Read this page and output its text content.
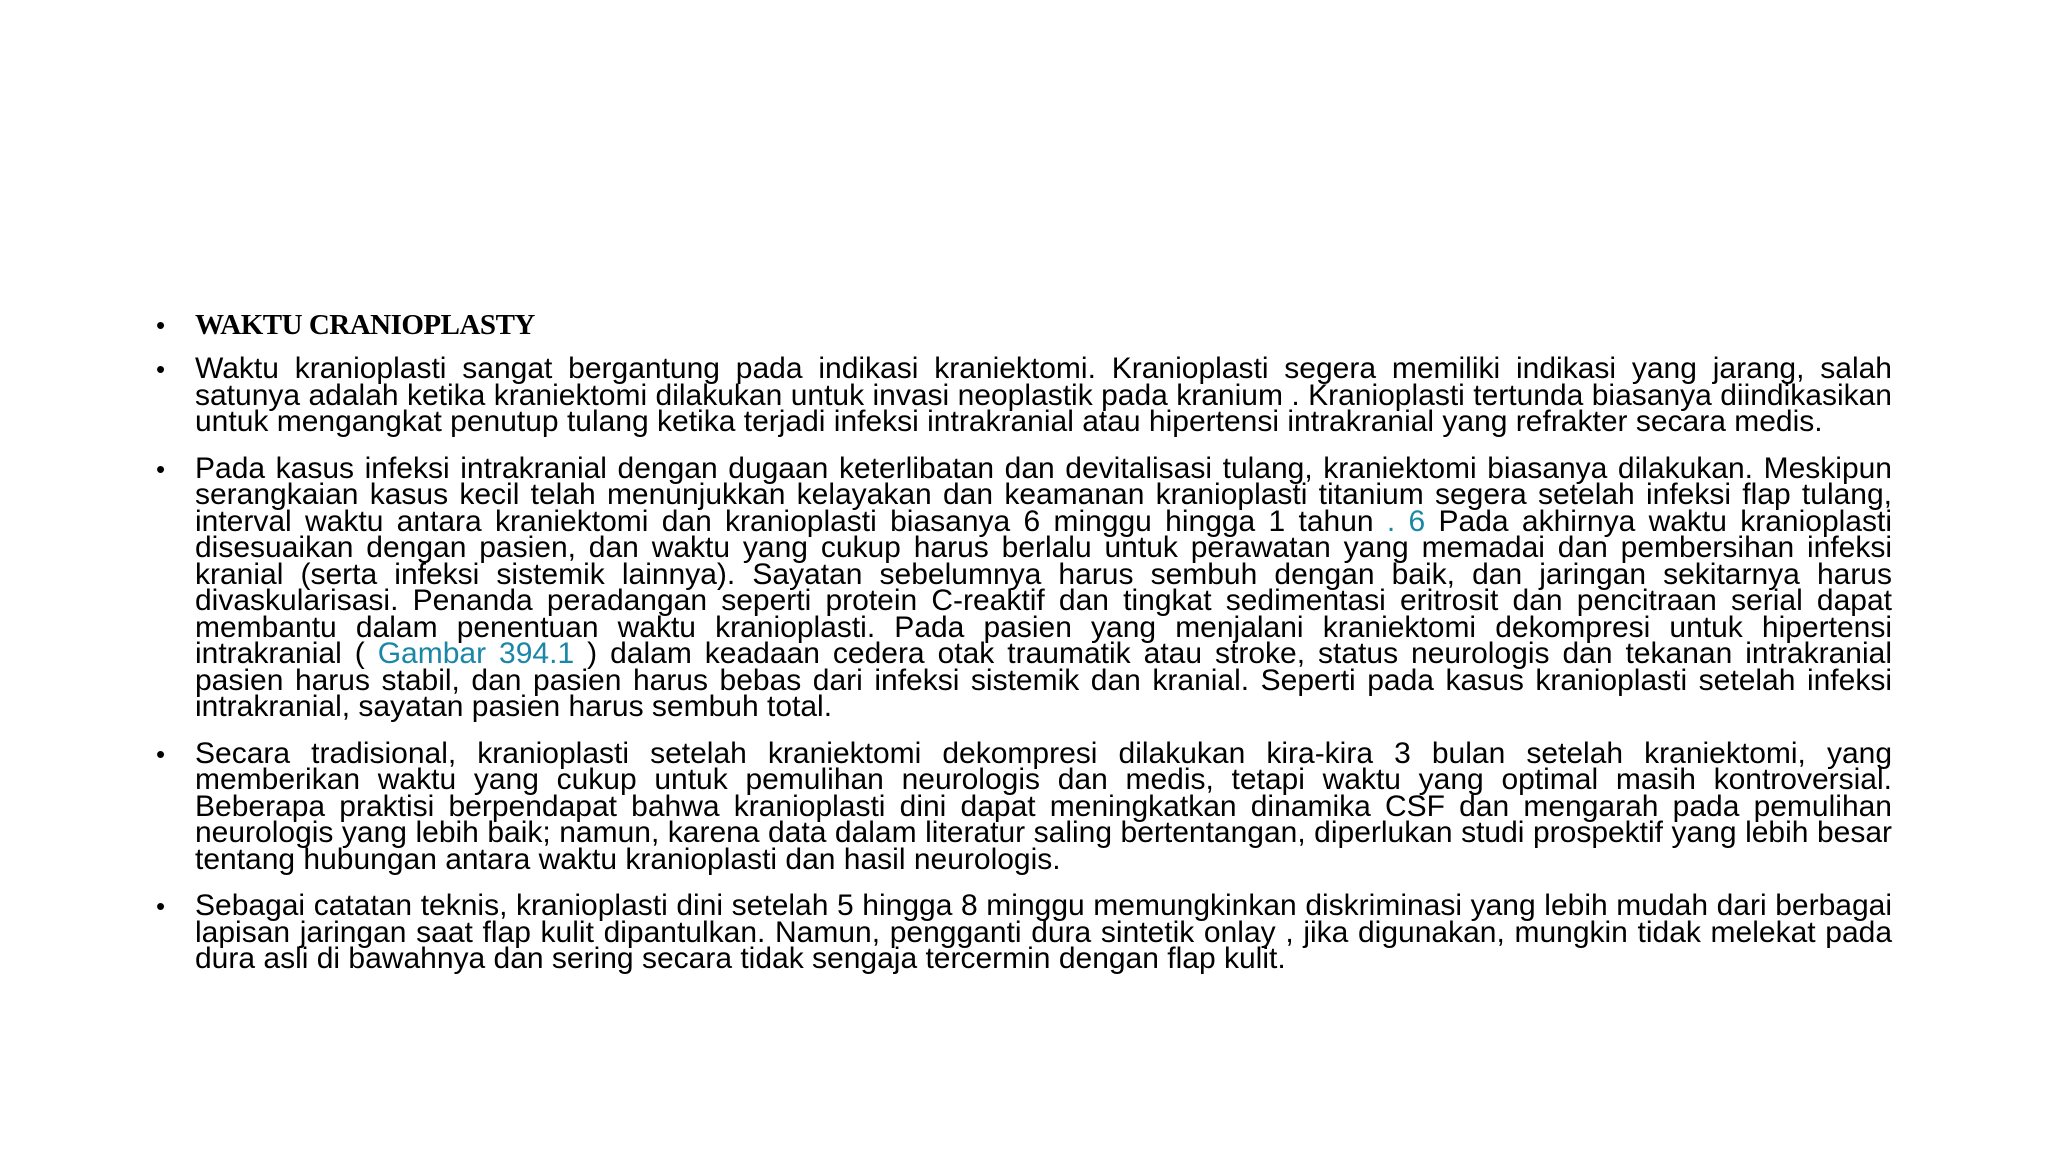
• WAKTU CRANIOPLASTY
• Waktu kranioplasti sangat bergantung pada indikasi kraniektomi. Kranioplasti segera memiliki indikasi yang jarang, salah satunya adalah ketika kraniektomi dilakukan untuk invasi neoplastik pada kranium . Kranioplasti tertunda biasanya diindikasikan untuk mengangkat penutup tulang ketika terjadi infeksi intrakranial atau hipertensi intrakranial yang refrakter secara medis.
• Pada kasus infeksi intrakranial dengan dugaan keterlibatan dan devitalisasi tulang, kraniektomi biasanya dilakukan. Meskipun serangkaian kasus kecil telah menunjukkan kelayakan dan keamanan kranioplasti titanium segera setelah infeksi flap tulang, interval waktu antara kraniektomi dan kranioplasti biasanya 6 minggu hingga 1 tahun . 6 Pada akhirnya waktu kranioplasti disesuaikan dengan pasien, dan waktu yang cukup harus berlalu untuk perawatan yang memadai dan pembersihan infeksi kranial (serta infeksi sistemik lainnya). Sayatan sebelumnya harus sembuh dengan baik, dan jaringan sekitarnya harus divaskularisasi. Penanda peradangan seperti protein C-reaktif dan tingkat sedimentasi eritrosit dan pencitraan serial dapat membantu dalam penentuan waktu kranioplasti. Pada pasien yang menjalani kraniektomi dekompresi untuk hipertensi intrakranial ( Gambar 394.1 ) dalam keadaan cedera otak traumatik atau stroke, status neurologis dan tekanan intrakranial pasien harus stabil, dan pasien harus bebas dari infeksi sistemik dan kranial. Seperti pada kasus kranioplasti setelah infeksi intrakranial, sayatan pasien harus sembuh total.
• Secara tradisional, kranioplasti setelah kraniektomi dekompresi dilakukan kira-kira 3 bulan setelah kraniektomi, yang memberikan waktu yang cukup untuk pemulihan neurologis dan medis, tetapi waktu yang optimal masih kontroversial. Beberapa praktisi berpendapat bahwa kranioplasti dini dapat meningkatkan dinamika CSF dan mengarah pada pemulihan neurologis yang lebih baik; namun, karena data dalam literatur saling bertentangan, diperlukan studi prospektif yang lebih besar tentang hubungan antara waktu kranioplasti dan hasil neurologis.
• Sebagai catatan teknis, kranioplasti dini setelah 5 hingga 8 minggu memungkinkan diskriminasi yang lebih mudah dari berbagai lapisan jaringan saat flap kulit dipantulkan. Namun, pengganti dura sintetik onlay , jika digunakan, mungkin tidak melekat pada dura asli di bawahnya dan sering secara tidak sengaja tercermin dengan flap kulit.
